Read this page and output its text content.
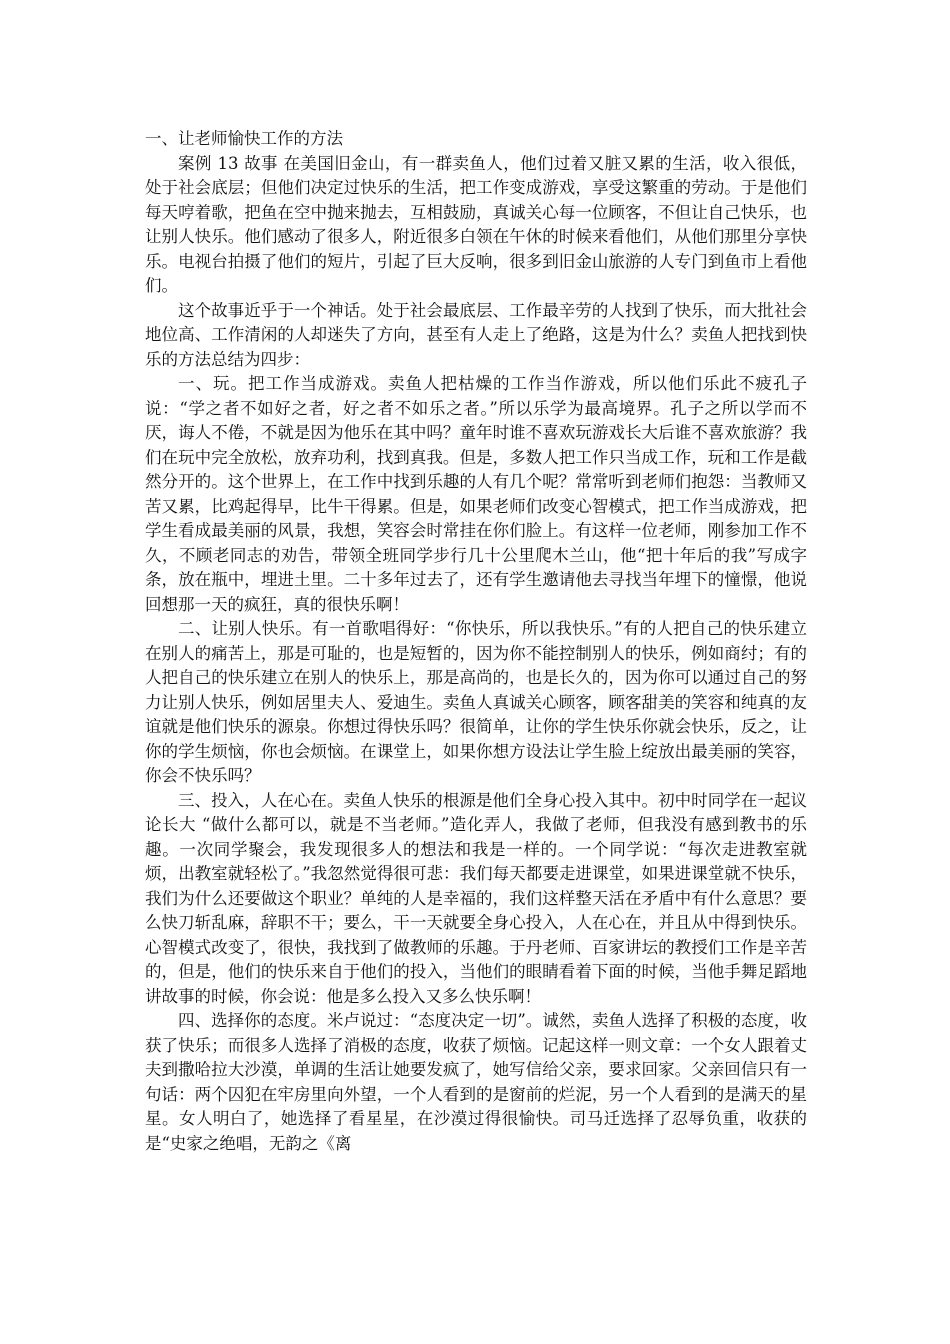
一、让老师愉快工作的方法

案例 13 故事 在美国旧金山，有一群卖鱼人，他们过着又脏又累的生活，收入很低，处于社会底层；但他们决定过快乐的生活，把工作变成游戏，享受这繁重的劳动。于是他们每天哼着歌，把鱼在空中抛来抛去，互相鼓励，真诚关心每一位顾客，不但让自己快乐，也让别人快乐。他们感动了很多人，附近很多白领在午休的时候来看他们，从他们那里分享快乐。电视台拍摄了他们的短片，引起了巨大反响，很多到旧金山旅游的人专门到鱼市上看他们。

这个故事近乎于一个神话。处于社会最底层、工作最辛劳的人找到了快乐，而大批社会地位高、工作清闲的人却迷失了方向，甚至有人走上了绝路，这是为什么？卖鱼人把找到快乐的方法总结为四步：

一、玩。把工作当成游戏。卖鱼人把枯燥的工作当作游戏，所以他们乐此不疲孔子说：“学之者不如好之者，好之者不如乐之者。”所以乐学为最高境界。孔子之所以学而不厌，诲人不倦，不就是因为他乐在其中吗？童年时谁不喜欢玩游戏长大后谁不喜欢旅游？我们在玩中完全放松，放弃功利，找到真我。但是，多数人把工作只当成工作，玩和工作是截然分开的。这个世界上，在工作中找到乐趣的人有几个呢？常常听到老师们抱怨：当教师又苦又累，比鸡起得早，比牛干得累。但是，如果老师们改变心智模式，把工作当成游戏，把学生看成最美丽的风景，我想，笑容会时常挂在你们脸上。有这样一位老师，刚参加工作不久，不顾老同志的劝告，带领全班同学步行几十公里爬木兰山，他“把十年后的我”写成字条，放在瓶中，埋进土里。二十多年过去了，还有学生邀请他去寻找当年埋下的憧憬，他说回想那一天的疯狂，真的很快乐啊！

二、让别人快乐。有一首歌唱得好：“你快乐，所以我快乐。”有的人把自己的快乐建立在别人的痛苦上，那是可耻的，也是短暂的，因为你不能控制别人的快乐，例如商纣；有的人把自己的快乐建立在别人的快乐上，那是高尚的，也是长久的，因为你可以通过自己的努力让别人快乐，例如居里夫人、爱迪生。卖鱼人真诚关心顾客，顾客甜美的笑容和纯真的友谊就是他们快乐的源泉。你想过得快乐吗？很简单，让你的学生快乐你就会快乐，反之，让你的学生烦恼，你也会烦恼。在课堂上，如果你想方设法让学生脸上绽放出最美丽的笑容，你会不快乐吗？

三、投入，人在心在。卖鱼人快乐的根源是他们全身心投入其中。初中时同学在一起议论长大 “做什么都可以，就是不当老师。”造化弄人，我做了老师，但我没有感到教书的乐趣。一次同学聚会，我发现很多人的想法和我是一样的。一个同学说：“每次走进教室就烦，出教室就轻松了。”我忽然觉得很可悲：我们每天都要走进课堂，如果进课堂就不快乐，我们为什么还要做这个职业？单纯的人是幸福的，我们这样整天活在矛盾中有什么意思？要么快刀斩乱麻，辞职不干；要么，干一天就要全身心投入，人在心在，并且从中得到快乐。心智模式改变了，很快，我找到了做教师的乐趣。于丹老师、百家讲坛的教授们工作是辛苦的，但是，他们的快乐来自于他们的投入，当他们的眼睛看着下面的时候，当他手舞足蹈地讲故事的时候，你会说：他是多么投入又多么快乐啊！

四、选择你的态度。米卢说过：“态度决定一切”。诚然，卖鱼人选择了积极的态度，收获了快乐；而很多人选择了消极的态度，收获了烦恼。记起这样一则文章：一个女人跟着丈夫到撒哈拉大沙漠，单调的生活让她要发疯了，她写信给父亲，要求回家。父亲回信只有一句话：两个囚犯在牢房里向外望，一个人看到的是窗前的烂泥，另一个人看到的是满天的星星。女人明白了，她选择了看星星，在沙漠过得很愉快。司马迁选择了忍辱负重，收获的是“史家之绝唱，无韵之《离
